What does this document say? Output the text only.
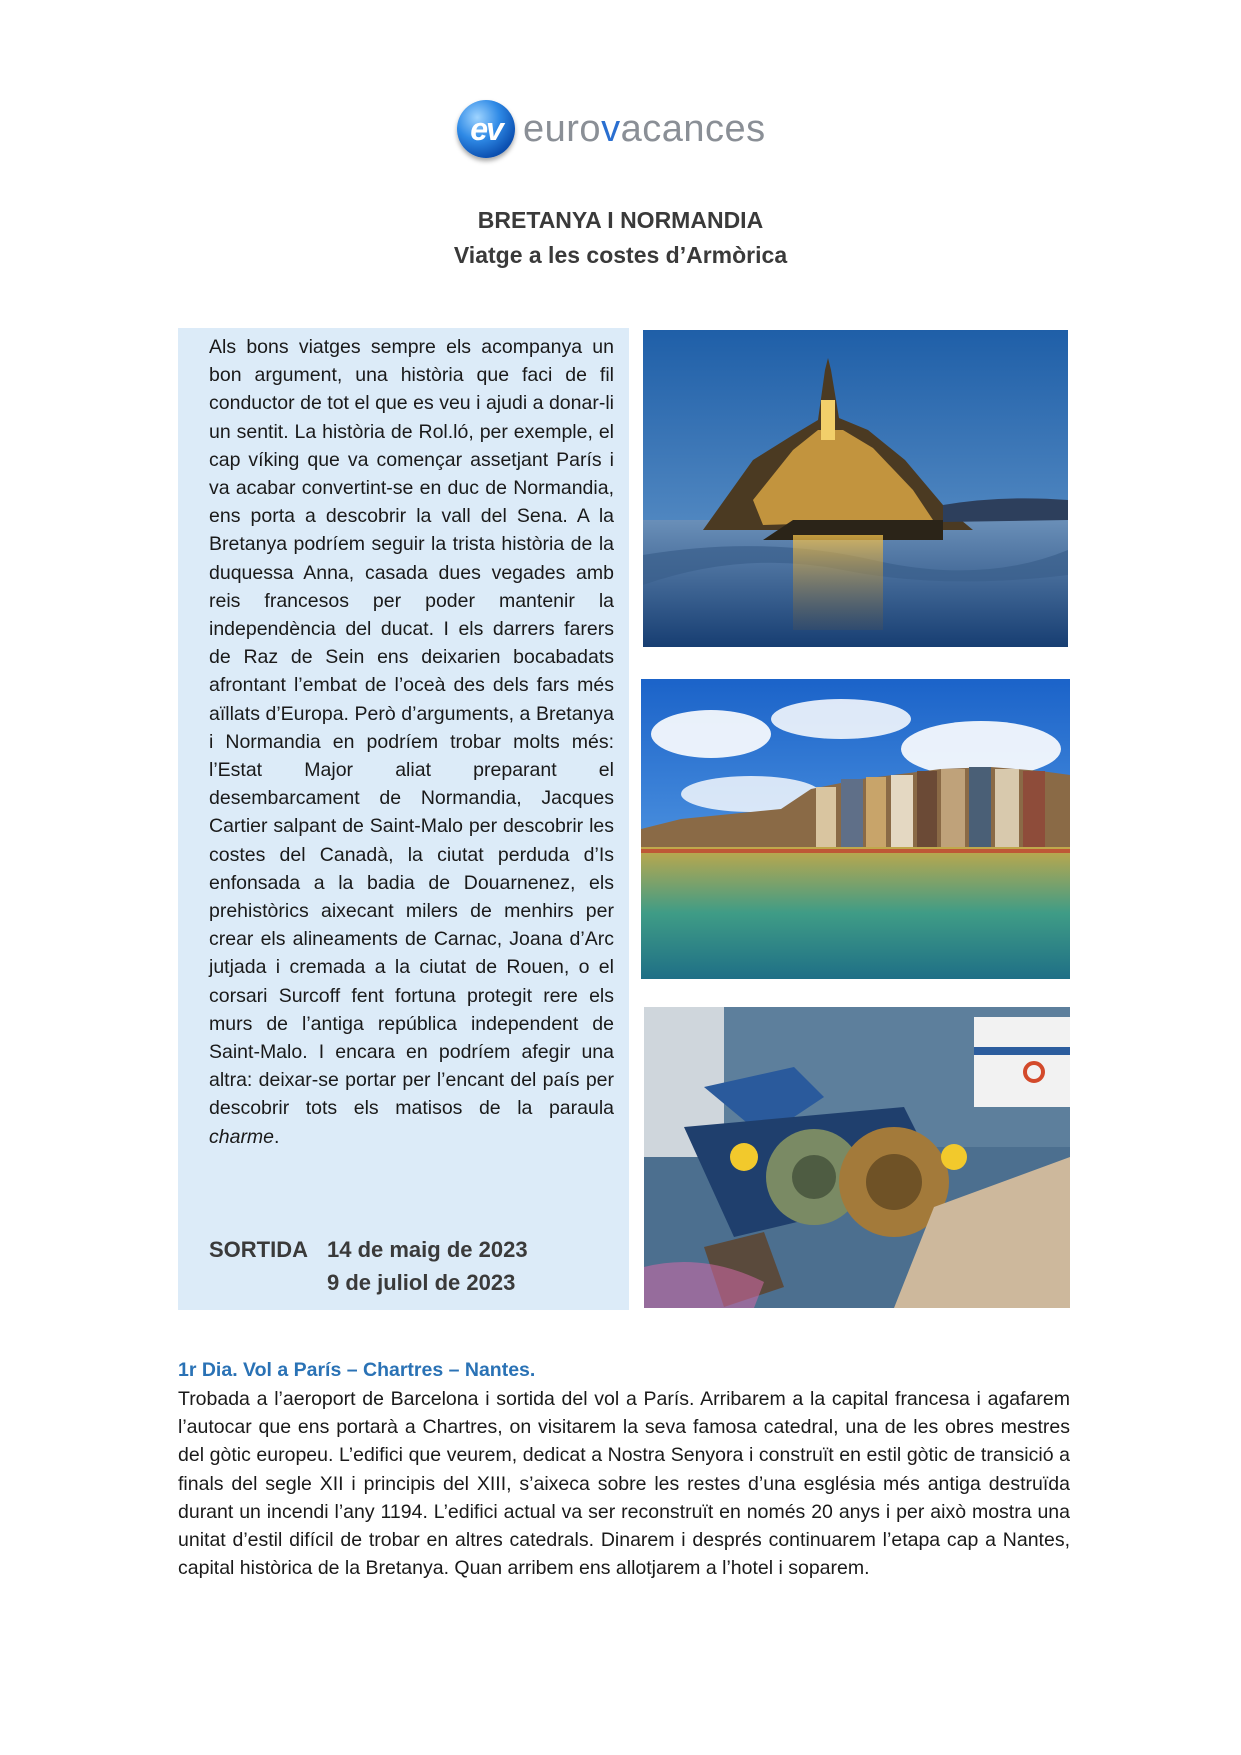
ev eurovacances
BRETANYA I NORMANDIA
Viatge a les costes d’Armòrica

Als bons viatges sempre els acompanya un bon argument, una història que faci de fil conductor de tot el que es veu i ajudi a donar-li un sentit. La història de Rol.ló, per exemple, el cap víking que va començar assetjant París i va acabar convertint-se en duc de Normandia, ens porta a descobrir la vall del Sena. A la Bretanya podríem seguir la trista història de la duquessa Anna, casada dues vegades amb reis francesos per poder mantenir la independència del ducat. I els darrers farers de Raz de Sein ens deixarien bocabadats afrontant l’embat de l’oceà des dels fars més aïllats d’Europa. Però d’arguments, a Bretanya i Normandia en podríem trobar molts més: l’Estat Major aliat preparant el desembarcament de Normandia, Jacques Cartier salpant de Saint-Malo per descobrir les costes del Canadà, la ciutat perduda d’Is enfonsada a la badia de Douarnenez, els prehistòrics aixecant milers de menhirs per crear els alineaments de Carnac, Joana d’Arc jutjada i cremada a la ciutat de Rouen, o el corsari Surcoff fent fortuna protegit rere els murs de l’antiga república independent de Saint-Malo. I encara en podríem afegir una altra: deixar-se portar per l’encant del país per descobrir tots els matisos de la paraula charme.

SORTIDA 14 de maig de 2023
9 de juliol de 2023
1r Dia. Vol a París – Chartres – Nantes.

Trobada a l’aeroport de Barcelona i sortida del vol a París. Arribarem a la capital francesa i agafarem l’autocar que ens portarà a Chartres, on visitarem la seva famosa catedral, una de les obres mestres del gòtic europeu. L’edifici que veurem, dedicat a Nostra Senyora i construït en estil gòtic de transició a finals del segle XII i principis del XIII, s’aixeca sobre les restes d’una església més antiga destruïda durant un incendi l’any 1194. L’edifici actual va ser reconstruït en només 20 anys i per això mostra una unitat d’estil difícil de trobar en altres catedrals. Dinarem i després continuarem l’etapa cap a Nantes, capital històrica de la Bretanya. Quan arribem ens allotjarem a l’hotel i soparem.
